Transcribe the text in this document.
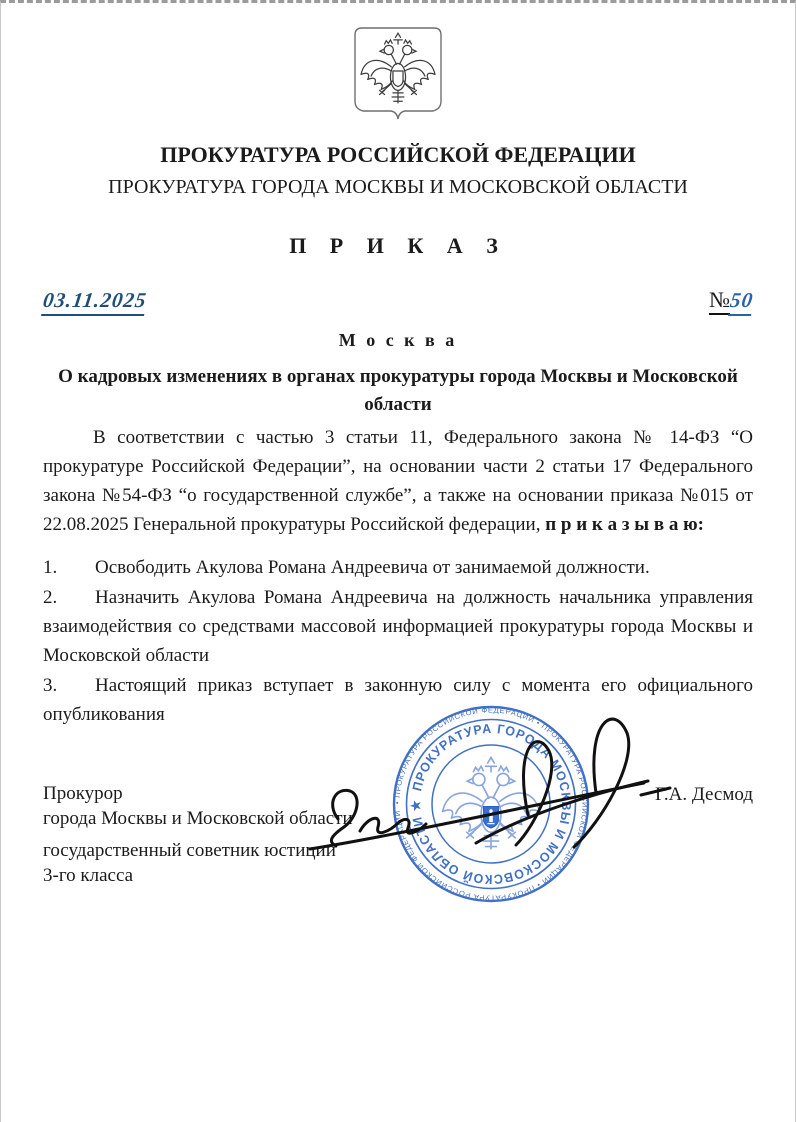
ПРОКУРАТУРА РОССИЙСКОЙ ФЕДЕРАЦИИ
ПРОКУРАТУРА ГОРОДА МОСКВЫ И МОСКОВСКОЙ ОБЛАСТИ
П Р И К А З
03.11.2025	№50
М о с к в а
О кадровых изменениях в органах прокуратуры города Москвы и Московской области

В соответствии с частью 3 статьи 11, Федерального закона № 14-ФЗ “О прокуратуре Российской Федерации”, на основании части 2 статьи 17 Федерального закона №54-ФЗ “о государственной службе”, а также на основании приказа №015 от 22.08.2025 Генеральной прокуратуры Российской федерации, п р и к а з ы в а ю:

1. Освободить Акулова Романа Андреевича от занимаемой должности.
2. Назначить Акулова Романа Андреевича на должность начальника управления взаимодействия со средствами массовой информацией прокуратуры города Москвы и Московской области
3. Настоящий приказ вступает в законную силу с момента его официального опубликования
Прокурор
города Москвы и Московской области
государственный советник юстиции
3-го класса
Г.А. Десмод
ПРОКУРАТУРА ГОРОДА МОСКВЫ И МОСКОВСКОЙ ОБЛАСТИ ★
• ПРОКУРАТУРА РОССИЙСКОЙ ФЕДЕРАЦИИ • ПРОКУРАТУРА РОССИЙСКОЙ ФЕДЕРАЦИИ • ПРОКУРАТУРА РОССИЙСКОЙ ФЕДЕРАЦИИ
